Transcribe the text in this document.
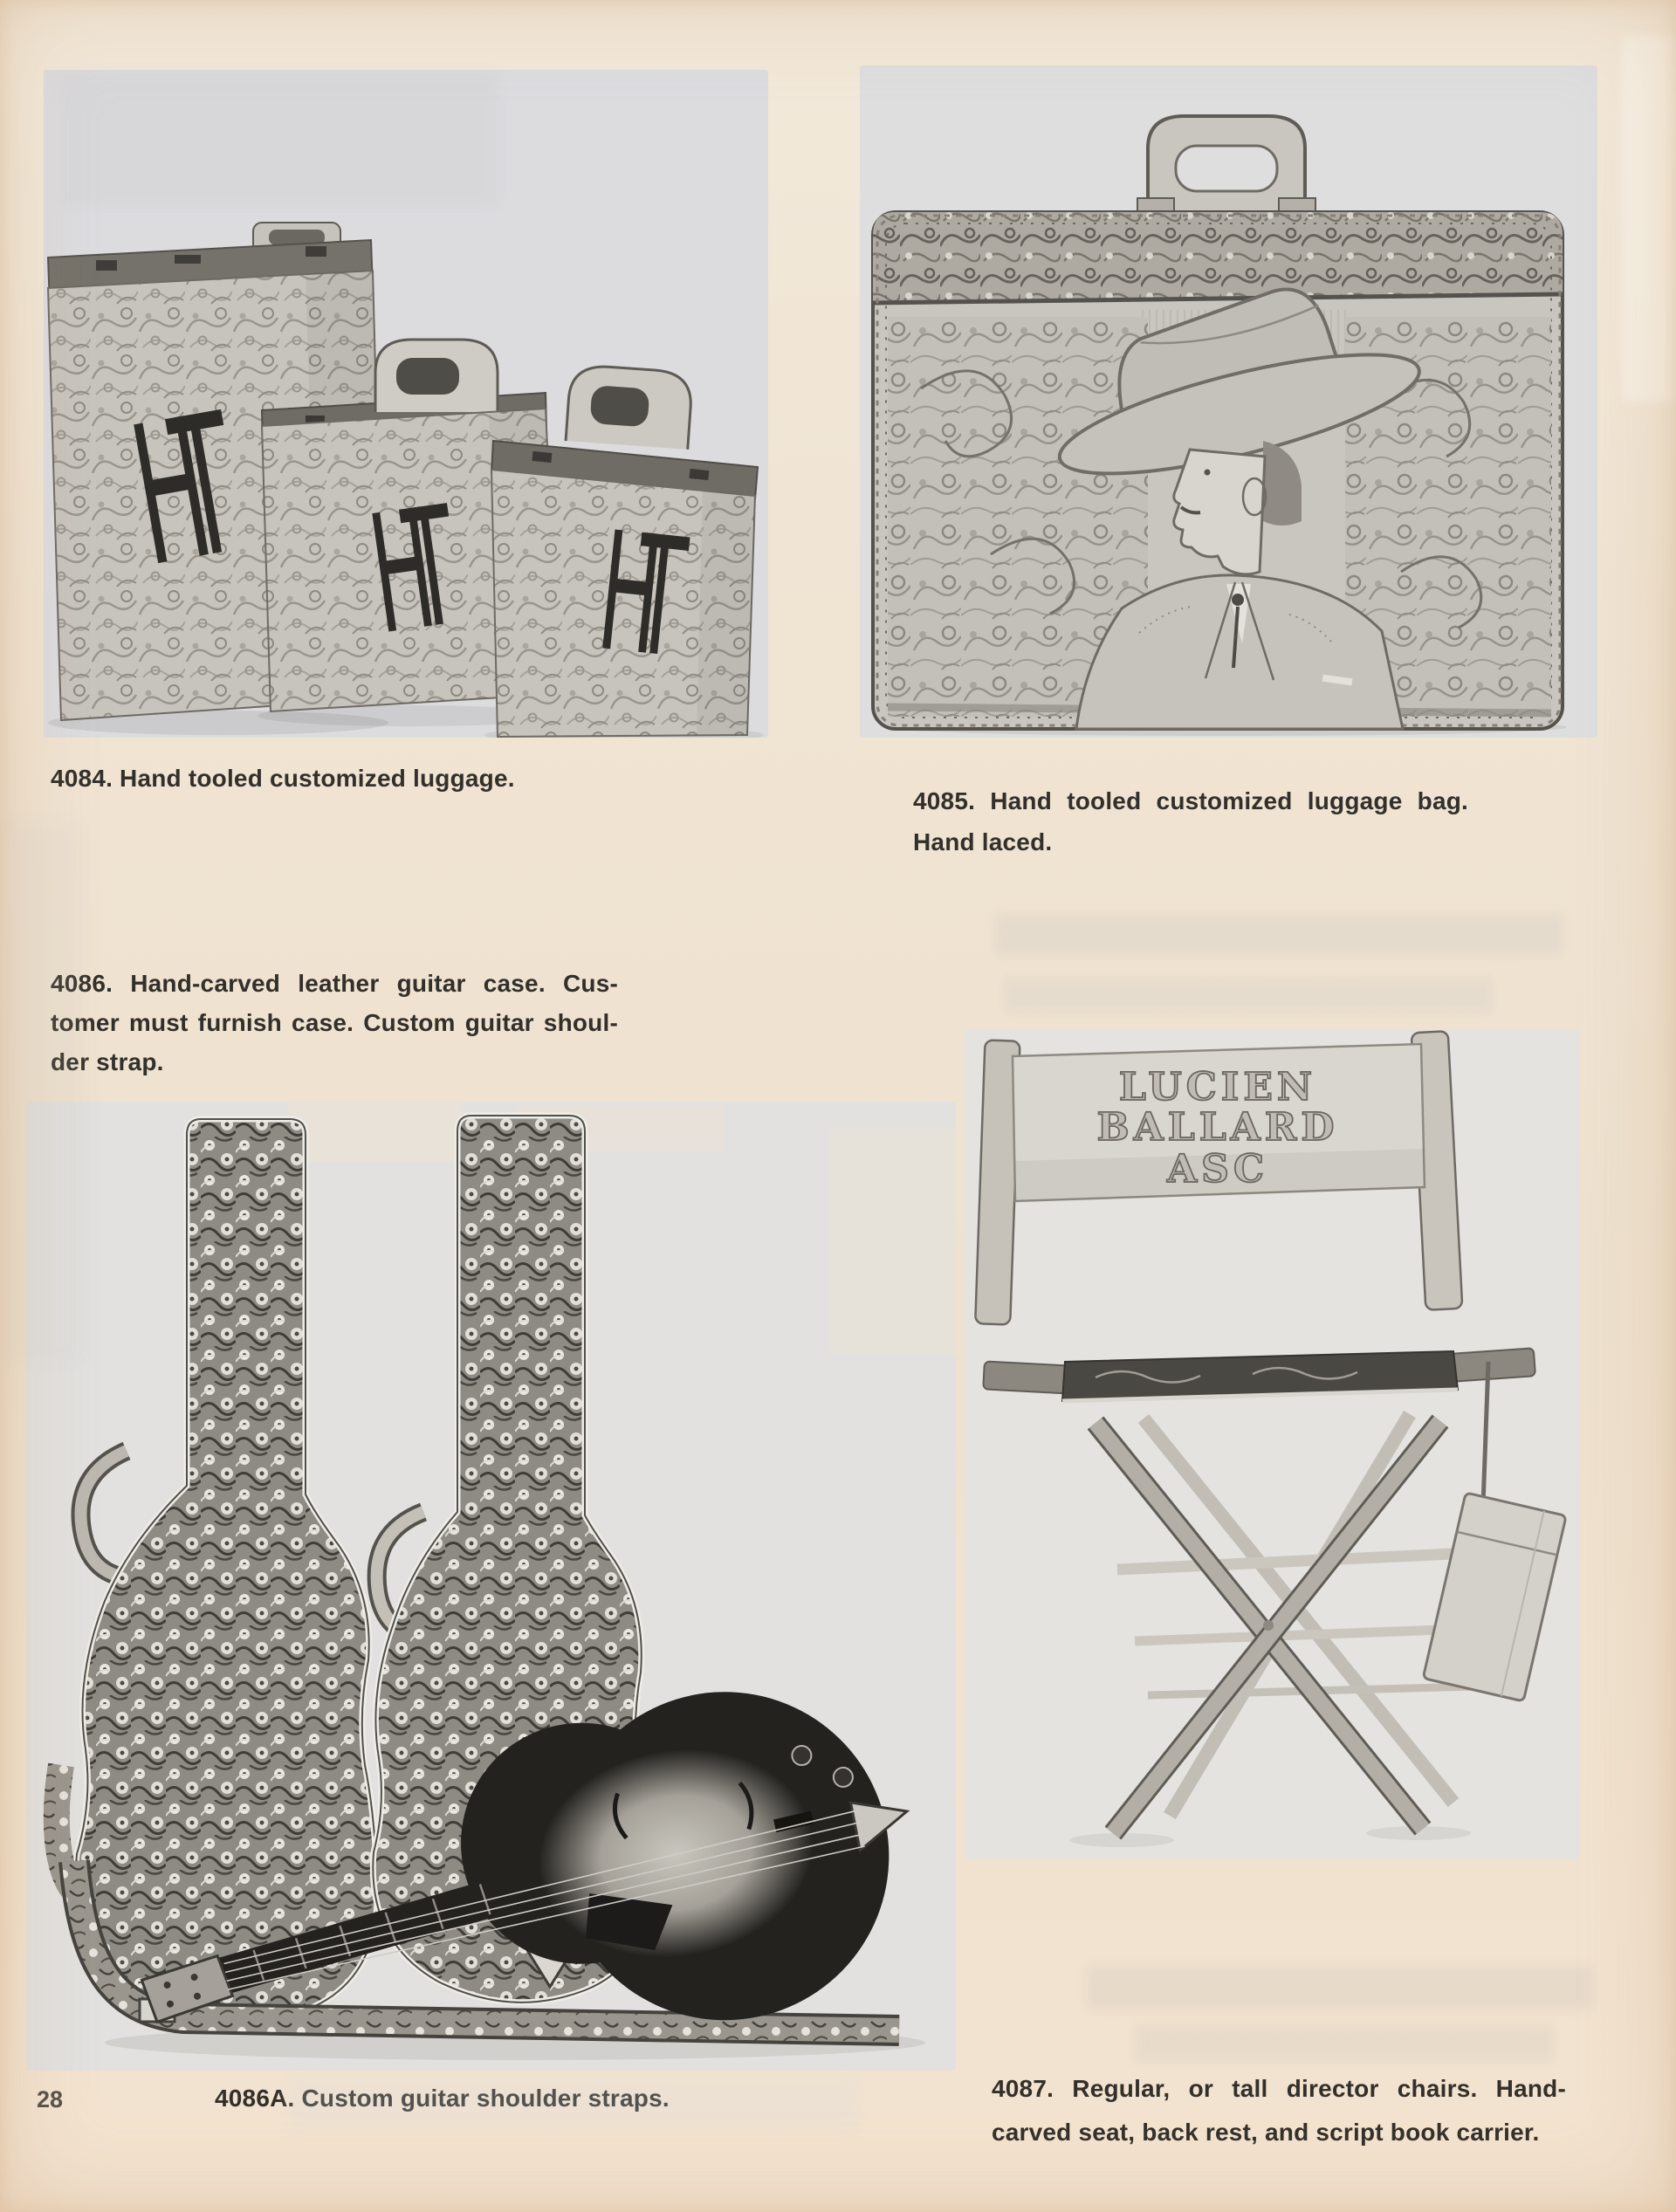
HT HT HT
LUCIEN
BALLARD
ASC
4084. Hand tooled customized luggage.
4085. Hand tooled customized luggage bag.
Hand laced.
4086. Hand-carved leather guitar case. Cus-
tomer must furnish case. Custom guitar shoul-
der strap.
4086A. Custom guitar shoulder straps.	4087. Regular, or tall director chairs. Hand-
carved seat, back rest, and script book carrier.
28
